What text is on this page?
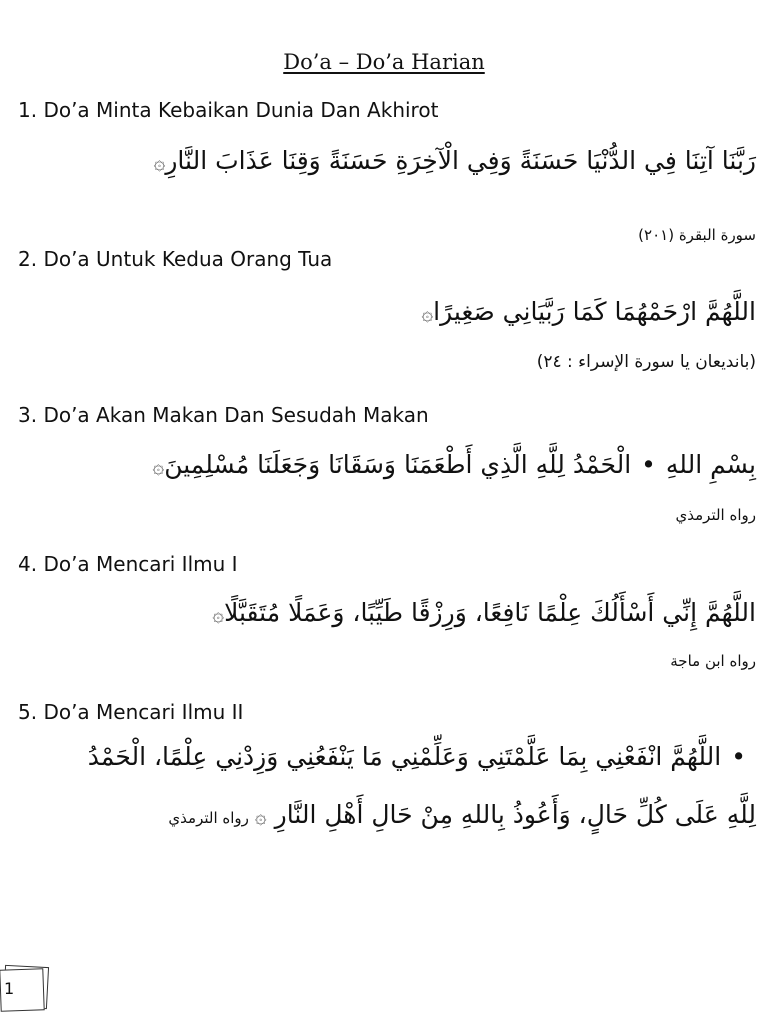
Do’a – Do’a Harian
1. Do’a Minta Kebaikan Dunia Dan Akhirot
رَبَّنَا آتِنَا فِي الدُّنْيَا حَسَنَةً وَفِي الْآخِرَةِ حَسَنَةً وَقِنَا عَذَابَ النَّارِ۞
سورة البقرة (٢٠١)
2. Do’a Untuk Kedua Orang Tua
اللَّهُمَّ ارْحَمْهُمَا كَمَا رَبَّيَانِي صَغِيرًا۞
(بانديعان يا سورة الإسراء : ٢٤)
3. Do’a Akan Makan Dan Sesudah Makan
بِسْمِ اللهِ•الْحَمْدُ لِلَّهِ الَّذِي أَطْعَمَنَا وَسَقَانَا وَجَعَلَنَا مُسْلِمِينَ۞
رواه الترمذي
4. Do’a Mencari Ilmu I
اللَّهُمَّ إِنِّي أَسْأَلُكَ عِلْمًا نَافِعًا، وَرِزْقًا طَيِّبًا، وَعَمَلًا مُتَقَبَّلًا۞
رواه ابن ماجة
5. Do’a Mencari Ilmu II
•اللَّهُمَّ انْفَعْنِي بِمَا عَلَّمْتَنِي وَعَلِّمْنِي مَا يَنْفَعُنِي وَزِدْنِي عِلْمًا، الْحَمْدُ
لِلَّهِ عَلَى كُلِّ حَالٍ، وَأَعُوذُ بِاللهِ مِنْ حَالِ أَهْلِ النَّارِ۞رواه الترمذي
1
